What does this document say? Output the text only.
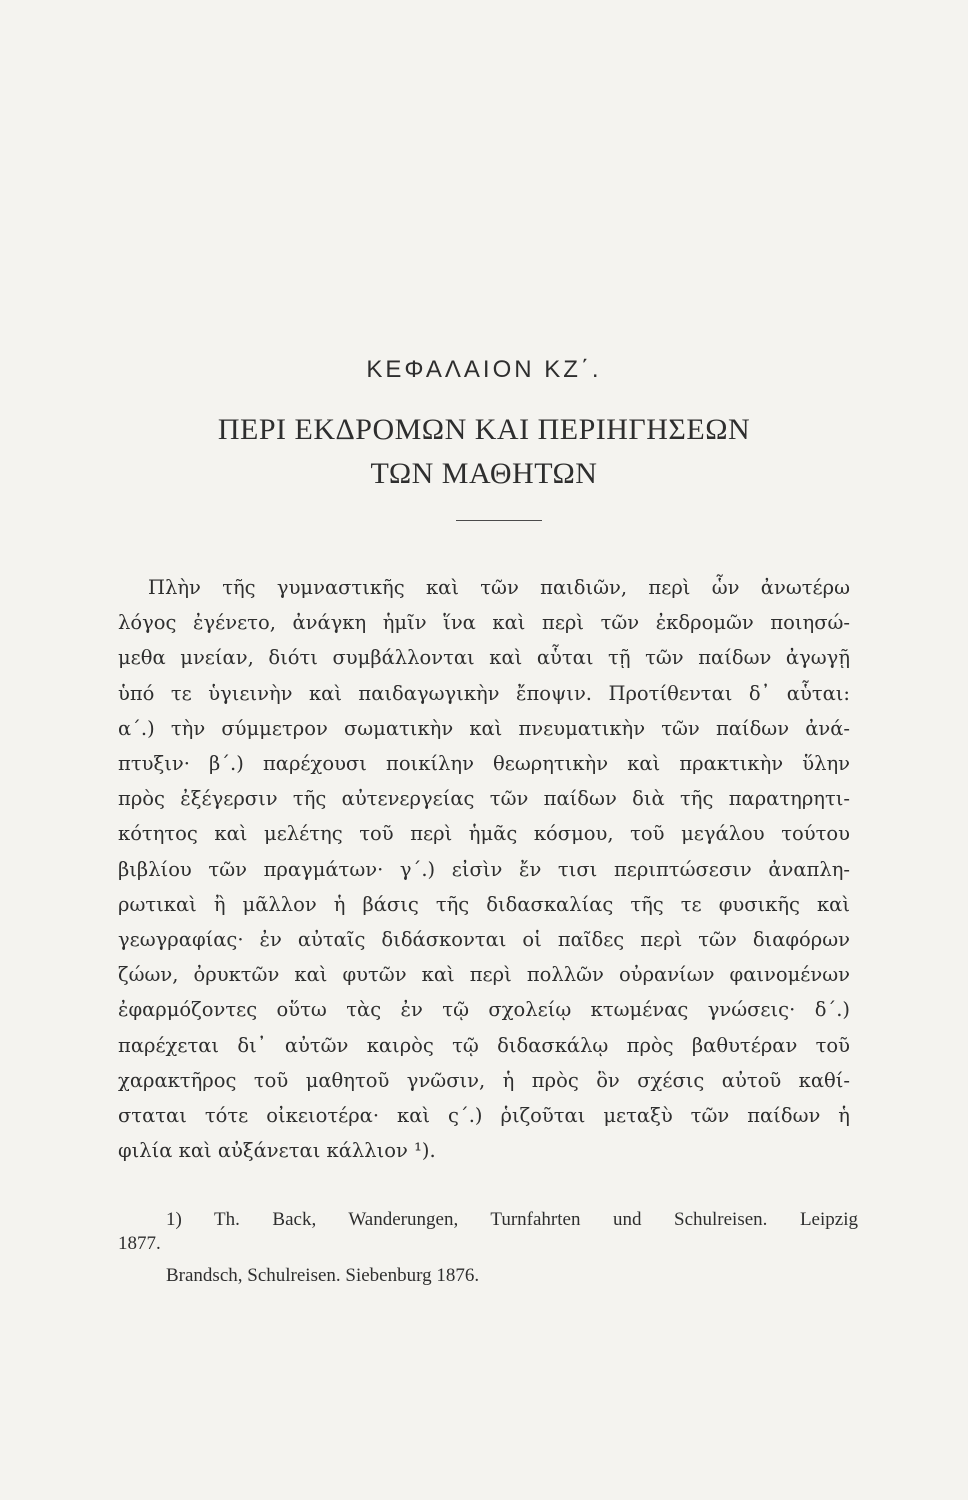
ΚΕΦΑΛΑΙΟΝ ΚΖ΄.
ΠΕΡΙ ΕΚΔΡΟΜΩΝ ΚΑΙ ΠΕΡΙΗΓΗΣΕΩΝ
ΤΩΝ ΜΑΘΗΤΩΝ
Πλὴν τῆς γυμναστικῆς καὶ τῶν παιδιῶν, περὶ ὧν ἀνωτέρω
λόγος ἐγένετο, ἀνάγκη ἡμῖν ἵνα καὶ περὶ τῶν ἐκδρομῶν ποιησώ-
μεθα μνείαν, διότι συμβάλλονται καὶ αὗται τῇ τῶν παίδων ἀγωγῇ
ὑπό τε ὑγιεινὴν καὶ παιδαγωγικὴν ἔποψιν. Προτίθενται δ᾽ αὗται:
α΄.) τὴν σύμμετρον σωματικὴν καὶ πνευματικὴν τῶν παίδων ἀνά-
πτυξιν· β΄.) παρέχουσι ποικίλην θεωρητικὴν καὶ πρακτικὴν ὕλην
πρὸς ἐξέγερσιν τῆς αὐτενεργείας τῶν παίδων διὰ τῆς παρατηρητι-
κότητος καὶ μελέτης τοῦ περὶ ἡμᾶς κόσμου, τοῦ μεγάλου τούτου
βιβλίου τῶν πραγμάτων· γ΄.) εἰσὶν ἔν τισι περιπτώσεσιν ἀναπλη-
ρωτικαὶ ἢ μᾶλλον ἡ βάσις τῆς διδασκαλίας τῆς τε φυσικῆς καὶ
γεωγραφίας· ἐν αὐταῖς διδάσκονται οἱ παῖδες περὶ τῶν διαφόρων
ζώων, ὀρυκτῶν καὶ φυτῶν καὶ περὶ πολλῶν οὐρανίων φαινομένων
ἐφαρμόζοντες οὕτω τὰς ἐν τῷ σχολείῳ κτωμένας γνώσεις· δ΄.)
παρέχεται δι᾽ αὐτῶν καιρὸς τῷ διδασκάλῳ πρὸς βαθυτέραν τοῦ
χαρακτῆρος τοῦ μαθητοῦ γνῶσιν, ἡ πρὸς ὃν σχέσις αὐτοῦ καθί-
σταται τότε οἰκειοτέρα· καὶ ς΄.) ῥιζοῦται μεταξὺ τῶν παίδων ἡ
φιλία καὶ αὐξάνεται κάλλιον ¹).
1) Th. Back, Wanderungen, Turnfahrten und Schulreisen. Leipzig
1877.
Brandsch, Schulreisen. Siebenburg 1876.
